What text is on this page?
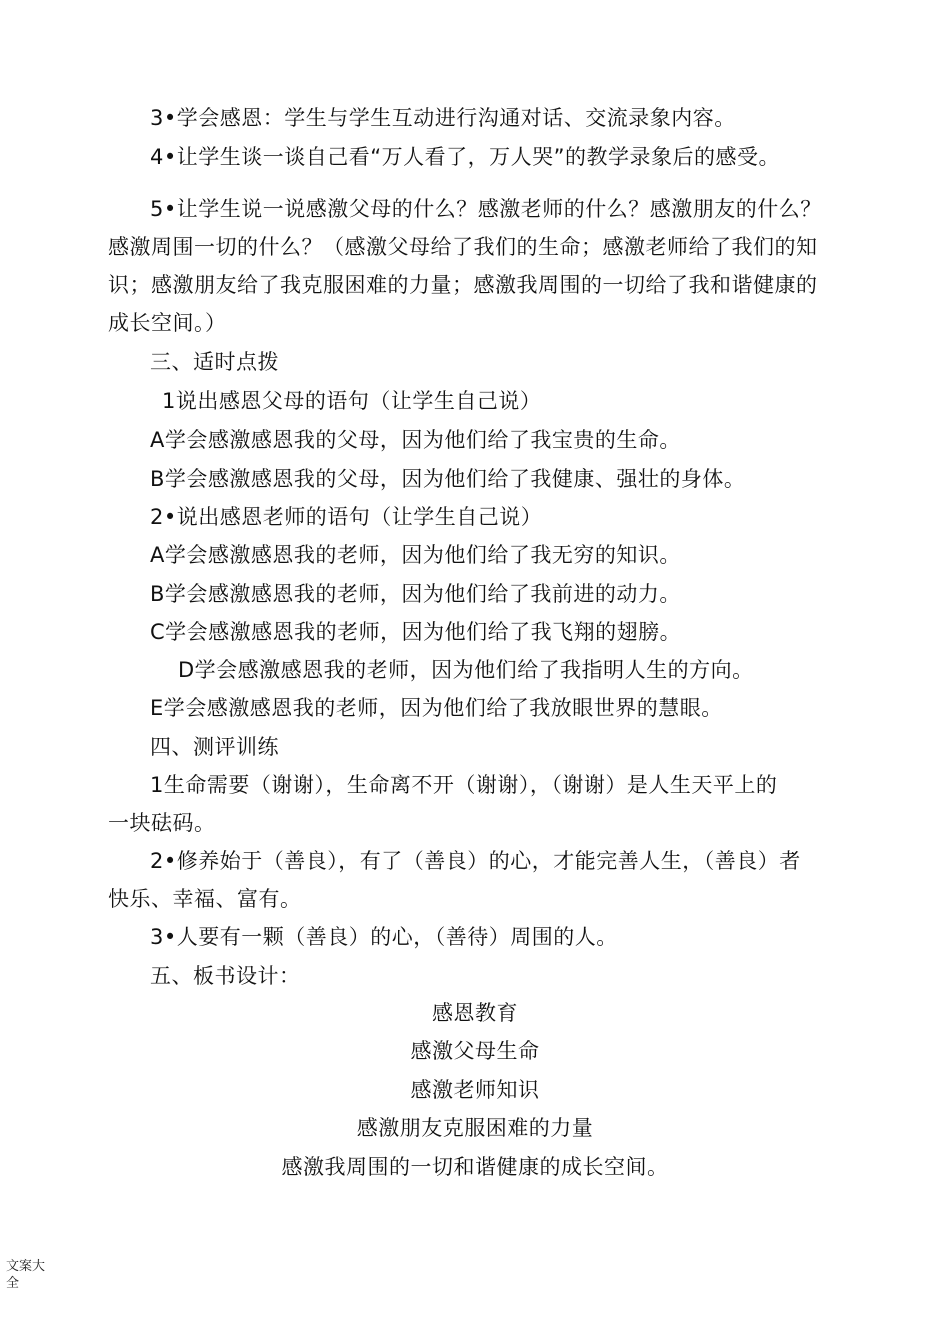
3•学会感恩：学生与学生互动进行沟通对话、交流录象内容。
4•让学生谈一谈自己看“万人看了，万人哭”的教学录象后的感受。
5•让学生说一说感激父母的什么？感激老师的什么？感激朋友的什么？
感激周围一切的什么？（感激父母给了我们的生命；感激老师给了我们的知
识；感激朋友给了我克服困难的力量；感激我周围的一切给了我和谐健康的
成长空间。）
三、适时点拨
1说出感恩父母的语句（让学生自己说）
A学会感激感恩我的父母，因为他们给了我宝贵的生命。
B学会感激感恩我的父母，因为他们给了我健康、强壮的身体。
2•说出感恩老师的语句（让学生自己说）
A学会感激感恩我的老师，因为他们给了我无穷的知识。
B学会感激感恩我的老师，因为他们给了我前进的动力。
C学会感激感恩我的老师，因为他们给了我飞翔的翅膀。
D学会感激感恩我的老师，因为他们给了我指明人生的方向。
E学会感激感恩我的老师，因为他们给了我放眼世界的慧眼。
四、测评训练
1生命需要（谢谢），生命离不开（谢谢），（谢谢）是人生天平上的
一块砝码。
2•修养始于（善良），有了（善良）的心，才能完善人生，（善良）者
快乐、幸福、富有。
3•人要有一颗（善良）的心，（善待）周围的人。
五、板书设计：
感恩教育
感激父母生命
感激老师知识
感激朋友克服困难的力量
感激我周围的一切和谐健康的成长空间。
文案大
全
